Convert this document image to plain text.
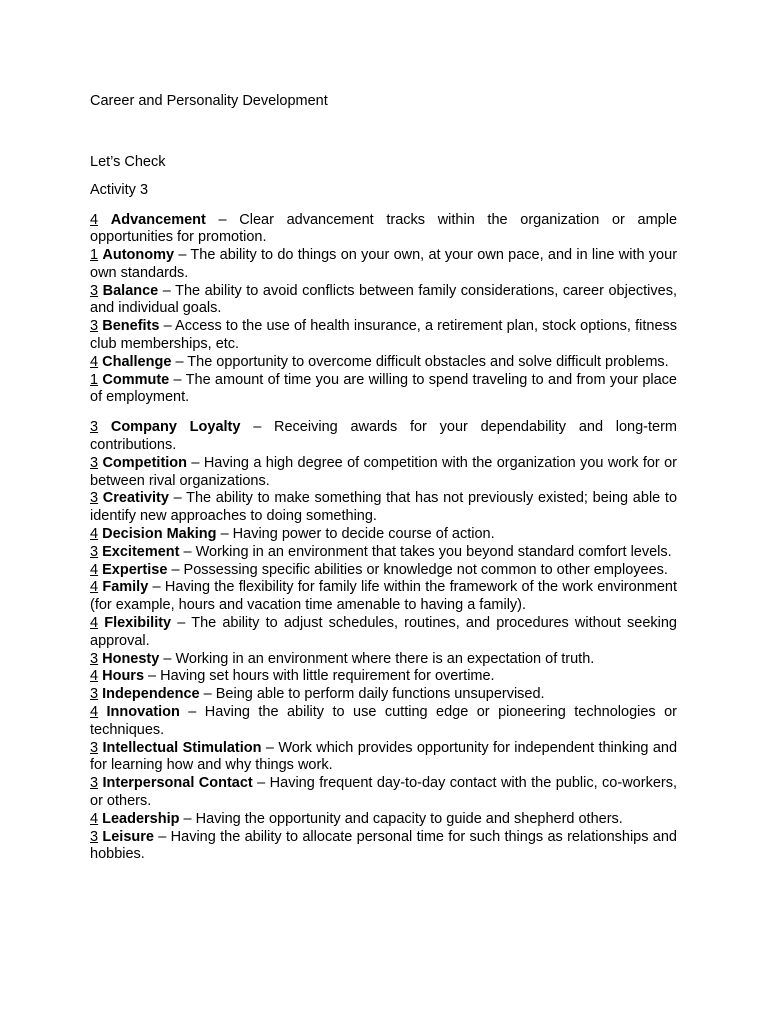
Career and Personality Development

Let’s Check

Activity 3

4 Advancement – Clear advancement tracks within the organization or ample opportunities for promotion.
1 Autonomy – The ability to do things on your own, at your own pace, and in line with your own standards.
3 Balance – The ability to avoid conflicts between family considerations, career objectives, and individual goals.
3 Benefits – Access to the use of health insurance, a retirement plan, stock options, fitness club memberships, etc.
4 Challenge – The opportunity to overcome difficult obstacles and solve difficult problems.
1 Commute – The amount of time you are willing to spend traveling to and from your place of employment.
3 Company Loyalty – Receiving awards for your dependability and long-term contributions.
3 Competition – Having a high degree of competition with the organization you work for or between rival organizations.
3 Creativity – The ability to make something that has not previously existed; being able to identify new approaches to doing something.
4 Decision Making – Having power to decide course of action.
3 Excitement – Working in an environment that takes you beyond standard comfort levels.
4 Expertise – Possessing specific abilities or knowledge not common to other employees.
4 Family – Having the flexibility for family life within the framework of the work environment (for example, hours and vacation time amenable to having a family).
4 Flexibility – The ability to adjust schedules, routines, and procedures without seeking approval.
3 Honesty – Working in an environment where there is an expectation of truth.
4 Hours – Having set hours with little requirement for overtime.
3 Independence – Being able to perform daily functions unsupervised.
4 Innovation – Having the ability to use cutting edge or pioneering technologies or techniques.
3 Intellectual Stimulation – Work which provides opportunity for independent thinking and for learning how and why things work.
3 Interpersonal Contact – Having frequent day-to-day contact with the public, co-workers, or others.
4 Leadership – Having the opportunity and capacity to guide and shepherd others.
3 Leisure – Having the ability to allocate personal time for such things as relationships and hobbies.
